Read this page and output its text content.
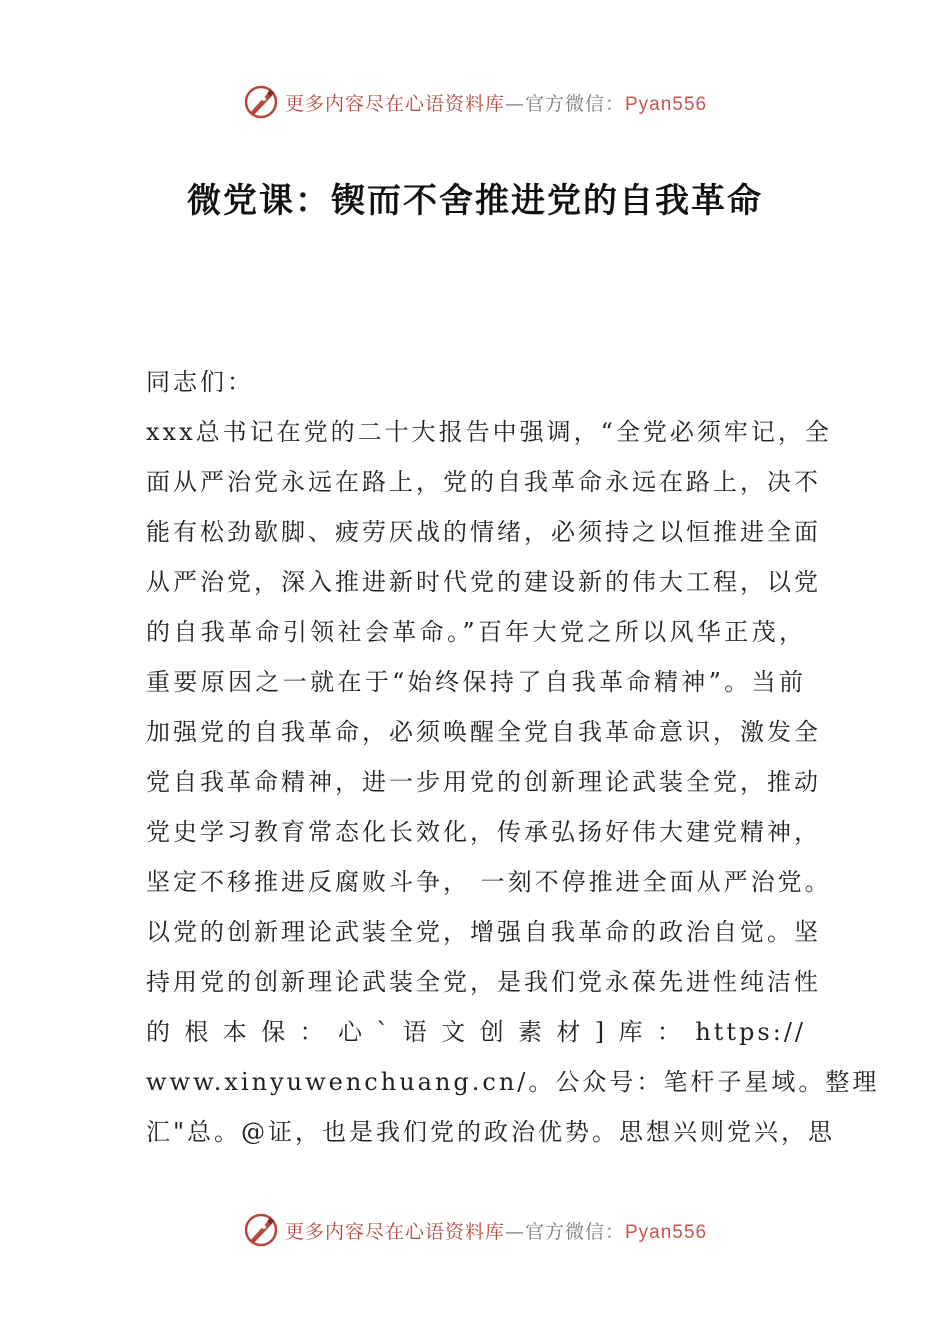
更多内容尽在心语资料库—官方微信：Pyan556
微党课：锲而不舍推进党的自我革命
同志们：
xxx总书记在党的二十大报告中强调，“全党必须牢记，全
面从严治党永远在路上，党的自我革命永远在路上，决不
能有松劲歇脚、疲劳厌战的情绪，必须持之以恒推进全面
从严治党，深入推进新时代党的建设新的伟大工程，以党
的自我革命引领社会革命。”百年大党之所以风华正茂，
重要原因之一就在于“始终保持了自我革命精神”。当前
加强党的自我革命，必须唤醒全党自我革命意识，激发全
党自我革命精神，进一步用党的创新理论武装全党，推动
党史学习教育常态化长效化，传承弘扬好伟大建党精神，
坚定不移推进反腐败斗争， 一刻不停推进全面从严治党。
以党的创新理论武装全党，增强自我革命的政治自觉。坚
持用党的创新理论武装全党，是我们党永葆先进性纯洁性
的根本保：心`语文创素材]库：https://
www.xinyuwenchuang.cn/。公众号：笔杆子星域。整理
汇"总。@证，也是我们党的政治优势。思想兴则党兴，思
更多内容尽在心语资料库—官方微信：Pyan556
